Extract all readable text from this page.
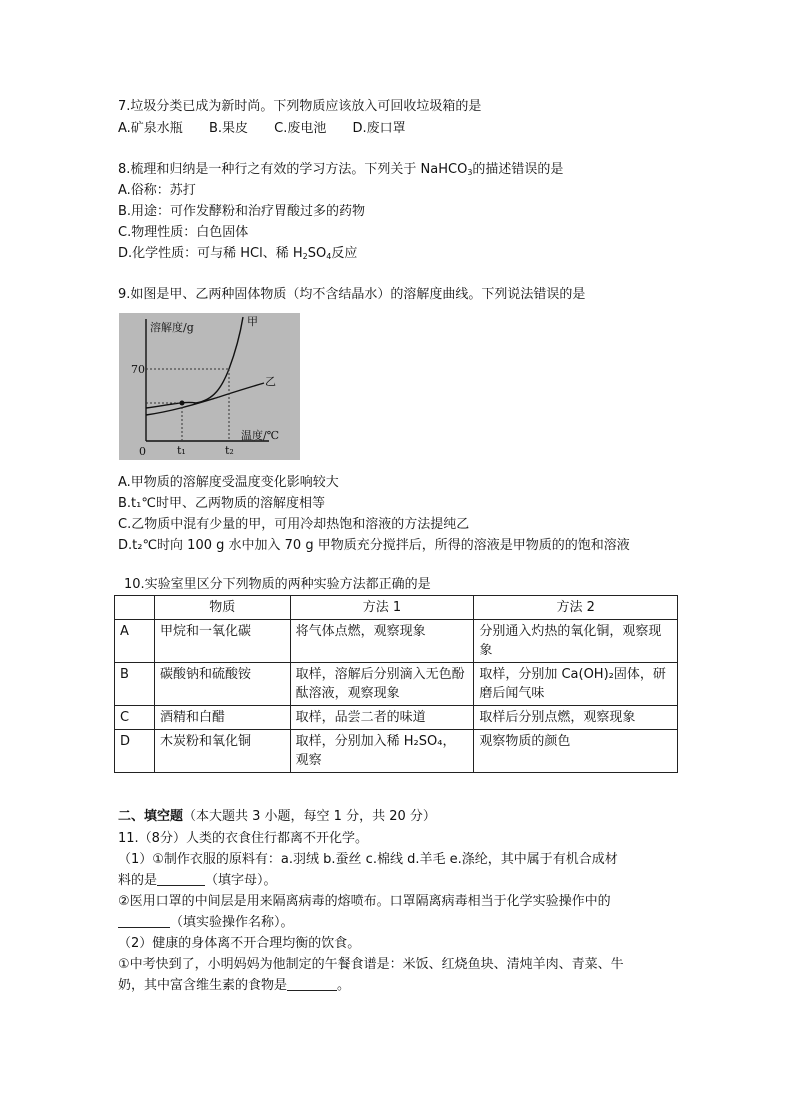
7.垃圾分类已成为新时尚。下列物质应该放入可回收垃圾箱的是
A.矿泉水瓶 B.果皮 C.废电池 D.废口罩
8.梳理和归纳是一种行之有效的学习方法。下列关于 NaHCO$_3$的描述错误的是
A.俗称：苏打
B.用途：可作发酵粉和治疗胃酸过多的药物
C.物理性质：白色固体
D.化学性质：可与稀 HCl、稀 $H_2SO_4$反应
9.如图是甲、乙两种固体物质（均不含结晶水）的溶解度曲线。下列说法错误的是
溶解度/g
70
0	t₁	t₂
温度/℃
甲
乙
A.甲物质的溶解度受温度变化影响较大
B.t₁℃时甲、乙两物质的溶解度相等
C.乙物质中混有少量的甲，可用冷却热饱和溶液的方法提纯乙
D.t₂℃时向 100 g 水中加入 70 g 甲物质充分搅拌后，所得的溶液是甲物质的的饱和溶液
10.实验室里区分下列物质的两种实验方法都正确的是
	物质	方法 1	方法 2
A	甲烷和一氧化碳	将气体点燃，观察现象	分别通入灼热的氧化铜，观察现象
B	碳酸钠和硫酸铵	取样，溶解后分别滴入无色酚酞溶液，观察现象	取样，分别加 Ca(OH)₂固体，研磨后闻气味
C	酒精和白醋	取样，品尝二者的味道	取样后分别点燃，观察现象
D	木炭粉和氧化铜	取样，分别加入稀 H₂SO₄，观察	观察物质的颜色
二、填空题（本大题共 3 小题，每空 1 分，共 20 分）
11.（8分）人类的衣食住行都离不开化学。
（1）①制作衣服的原料有：a.羽绒 b.蚕丝 c.棉线 d.羊毛 e.涤纶，其中属于有机合成材
料的是	（填字母）。
②医用口罩的中间层是用来隔离病毒的熔喷布。口罩隔离病毒相当于化学实验操作中的
（填实验操作名称）。
（2）健康的身体离不开合理均衡的饮食。
①中考快到了，小明妈妈为他制定的午餐食谱是：米饭、红烧鱼块、清炖羊肉、青菜、牛
奶，其中富含维生素的食物是	。
